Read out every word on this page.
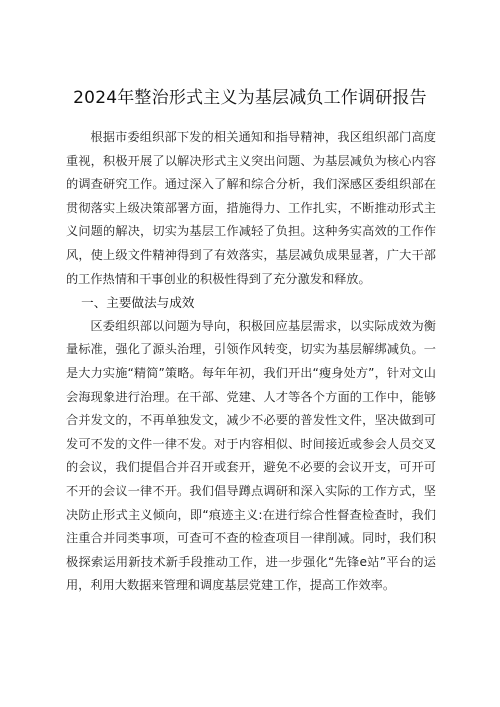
2024年整治形式主义为基层减负工作调研报告

根据市委组织部下发的相关通知和指导精神，我区组织部门高度重视，积极开展了以解决形式主义突出问题、为基层减负为核心内容的调查研究工作。通过深入了解和综合分析，我们深感区委组织部在贯彻落实上级决策部署方面，措施得力、工作扎实，不断推动形式主义问题的解决，切实为基层工作减轻了负担。这种务实高效的工作作风，使上级文件精神得到了有效落实，基层减负成果显著，广大干部的工作热情和干事创业的积极性得到了充分激发和释放。

一、主要做法与成效

区委组织部以问题为导向，积极回应基层需求，以实际成效为衡量标准，强化了源头治理，引领作风转变，切实为基层解绑减负。一是大力实施“精简”策略。每年年初，我们开出“瘦身处方”，针对文山会海现象进行治理。在干部、党建、人才等各个方面的工作中，能够合并发文的，不再单独发文，减少不必要的普发性文件，坚决做到可发可不发的文件一律不发。对于内容相似、时间接近或参会人员交叉的会议，我们提倡合并召开或套开，避免不必要的会议开支，可开可不开的会议一律不开。我们倡导蹲点调研和深入实际的工作方式，坚决防止形式主义倾向，即“痕迹主义:在进行综合性督查检查时，我们注重合并同类事项，可查可不查的检查项目一律削减。同时，我们积极探索运用新技术新手段推动工作，进一步强化“先锋e站”平台的运用，利用大数据来管理和调度基层党建工作，提高工作效率。
